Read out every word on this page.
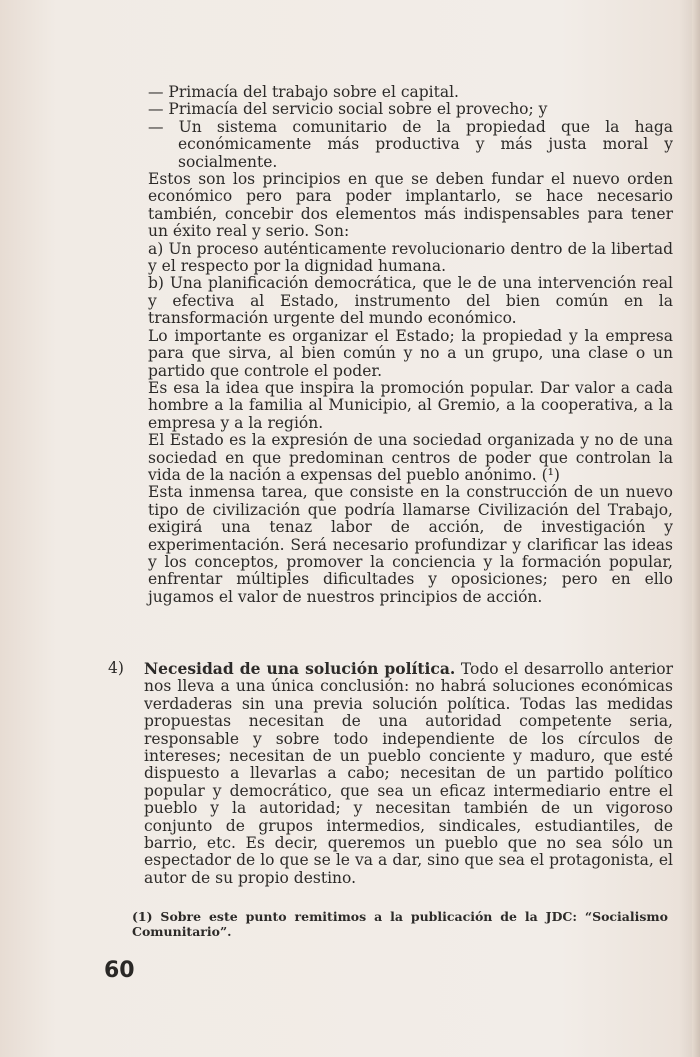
— Primacía del trabajo sobre el capital.

— Primacía del servicio social sobre el provecho; y

— Un sistema comunitario de la propiedad que la haga económicamente más productiva y más justa moral y socialmente.

Estos son los principios en que se deben fundar el nuevo orden económico pero para poder implantarlo, se hace necesario también, concebir dos elementos más indispensables para tener un éxito real y serio. Son:

a) Un proceso auténticamente revolucionario dentro de la libertad y el respecto por la dignidad humana.

b) Una planificación democrática, que le de una intervención real y efectiva al Estado, instrumento del bien común en la transformación urgente del mundo económico.

Lo importante es organizar el Estado; la propiedad y la empresa para que sirva, al bien común y no a un grupo, una clase o un partido que controle el poder.

Es esa la idea que inspira la promoción popular. Dar valor a cada hombre a la familia al Municipio, al Gremio, a la cooperativa, a la empresa y a la región.

El Estado es la expresión de una sociedad organizada y no de una sociedad en que predominan centros de poder que controlan la vida de la nación a expensas del pueblo anónimo. (¹)

Esta inmensa tarea, que consiste en la construcción de un nuevo tipo de civilización que podría llamarse Civilización del Trabajo, exigirá una tenaz labor de acción, de investigación y experimentación. Será necesario profundizar y clarificar las ideas y los conceptos, promover la conciencia y la formación popular, enfrentar múltiples dificultades y oposiciones; pero en ello jugamos el valor de nuestros principios de acción.

4)	Necesidad de una solución política. Todo el desarrollo anterior nos lleva a una única conclusión: no habrá soluciones económicas verdaderas sin una previa solución política. Todas las medidas propuestas necesitan de una autoridad competente seria, responsable y sobre todo independiente de los círculos de intereses; necesitan de un pueblo conciente y maduro, que esté dispuesto a llevarlas a cabo; necesitan de un partido político popular y democrático, que sea un eficaz intermediario entre el pueblo y la autoridad; y necesitan también de un vigoroso conjunto de grupos intermedios, sindicales, estudiantiles, de barrio, etc. Es decir, queremos un pueblo que no sea sólo un espectador de lo que se le va a dar, sino que sea el protagonista, el autor de su propio destino.
(1) Sobre este punto remitimos a la publicación de la JDC: “Socialismo Comunitario”.
60
